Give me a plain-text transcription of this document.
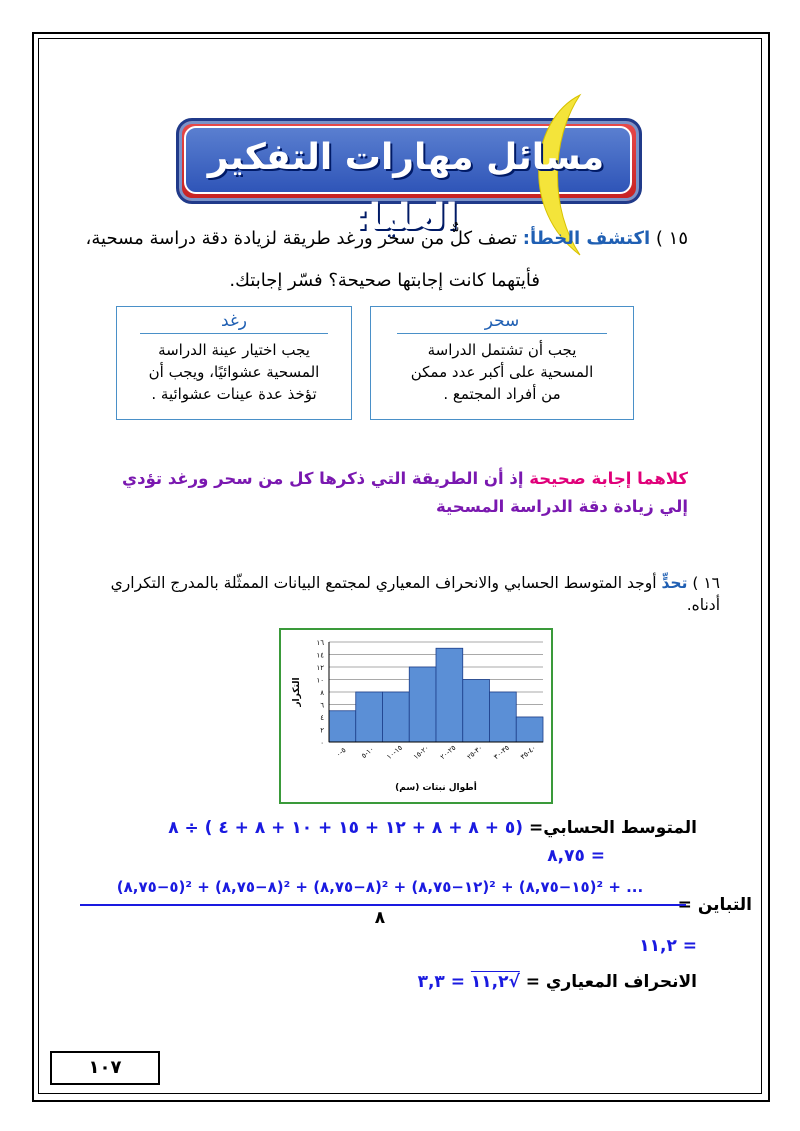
مسائل مهارات التفكير العليا:
١٥ ) اكتشف الخطأ: تصف كلٌّ من سحر ورغد طريقة لزيادة دقة دراسة مسحية،
فأيتهما كانت إجابتها صحيحة؟ فسّر إجابتك.
سحر
يجب أن تشتمل الدراسة
المسحية على أكبر عدد ممكن
من أفراد المجتمع .
رغد
يجب اختيار عينة الدراسة
المسحية عشوائيًا، ويجب أن
تؤخذ عدة عينات عشوائية .
كلاهما إجابة صحيحة إذ أن الطريقة التي ذكرها كل من سحر ورغد تؤدي
إلي زيادة دقة الدراسة المسحية
١٦ ) تحدٍّ أوجد المتوسط الحسابي والانحراف المعياري لمجتمع البيانات الممثّلة بالمدرج التكراري
أدناه.
٠
٢
٤
٦
٨
١٠
١٢
١٤
١٦
٥-٠
١٠-٥ ١٥-١٠
٢٠-١٥
٢٥-٢٠
٣٠-٢٥
٣٥-٣٠
٤٠-٣٥
أطوال نبتات (سم)
التكرار
المتوسط الحسابي= (٥ + ٨ + ٨ + ١٢ + ١٥ + ١٠ + ٨ + ٤ ) ÷ ٨
= ٨,٧٥
التباين =
(٥−٨,٧٥)² + (٨−٨,٧٥)² + (٨−٨,٧٥)² + (١٢−٨,٧٥)² + (١٥−٨,٧٥)² + ...
٨
= ١١,٢
الانحراف المعياري = √١١,٢ = ٣,٣
١٠٧
